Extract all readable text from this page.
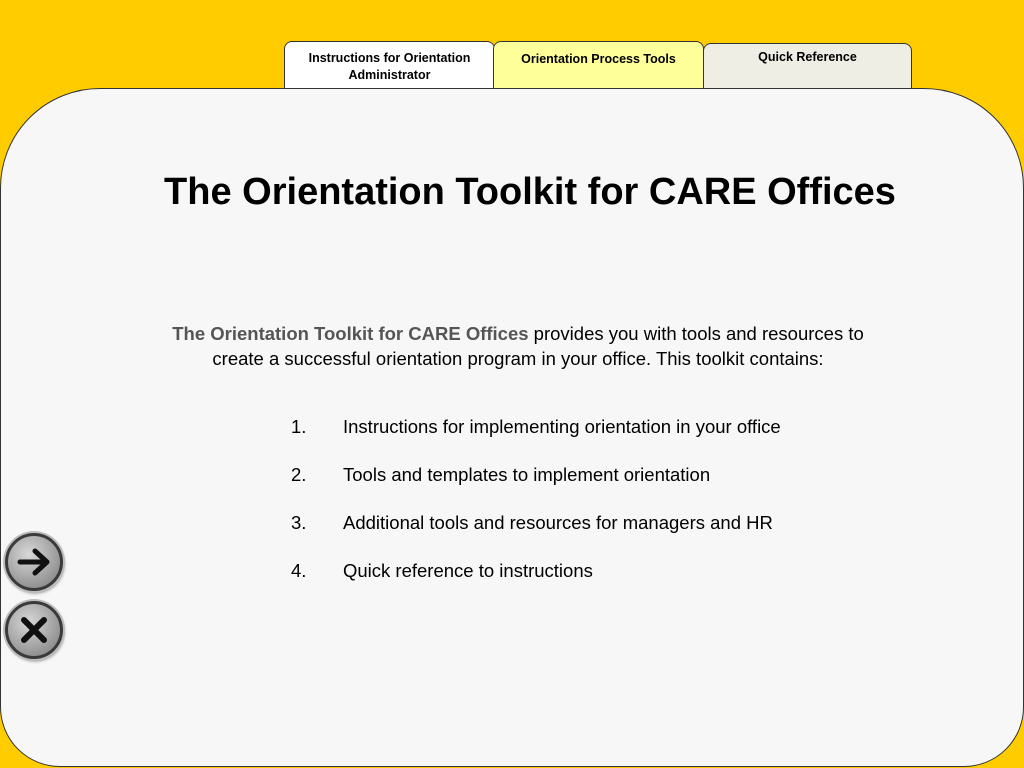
Instructions for Orientation
Administrator
Orientation Process Tools	Quick Reference
The Orientation Toolkit for CARE Offices

The Orientation Toolkit for CARE Offices provides you with tools and resources to
create a successful orientation program in your office. This toolkit contains:

1.	Instructions for implementing orientation in your office
2.	Tools and templates to implement orientation
3.	Additional tools and resources for managers and HR
4.	Quick reference to instructions
